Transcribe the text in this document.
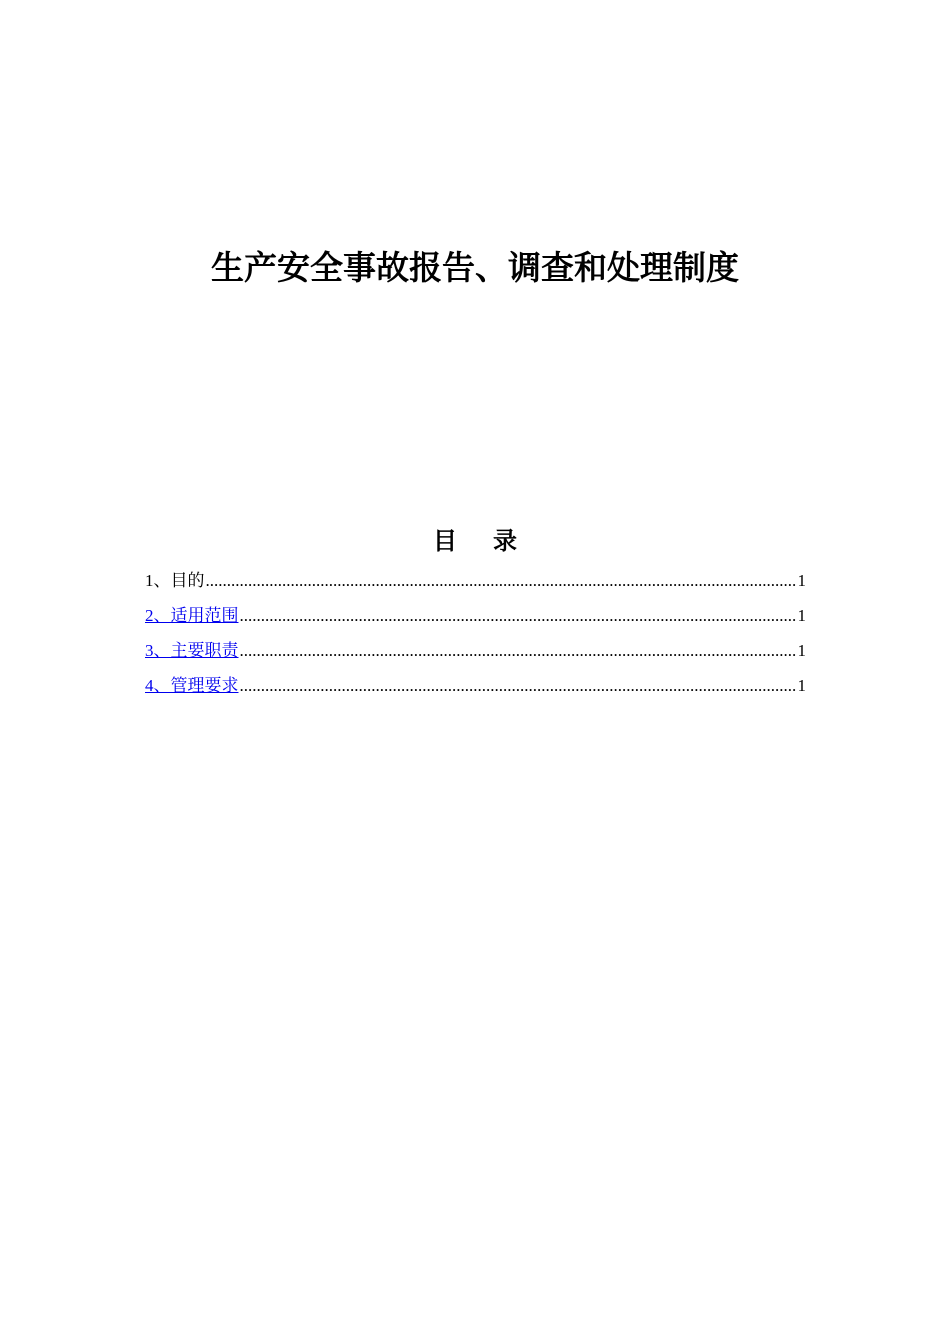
生产安全事故报告、调查和处理制度
目 录
1、目的 .....	1
2、适用范围 .....	1
3、主要职责 .....	1
4、管理要求 .....	1
